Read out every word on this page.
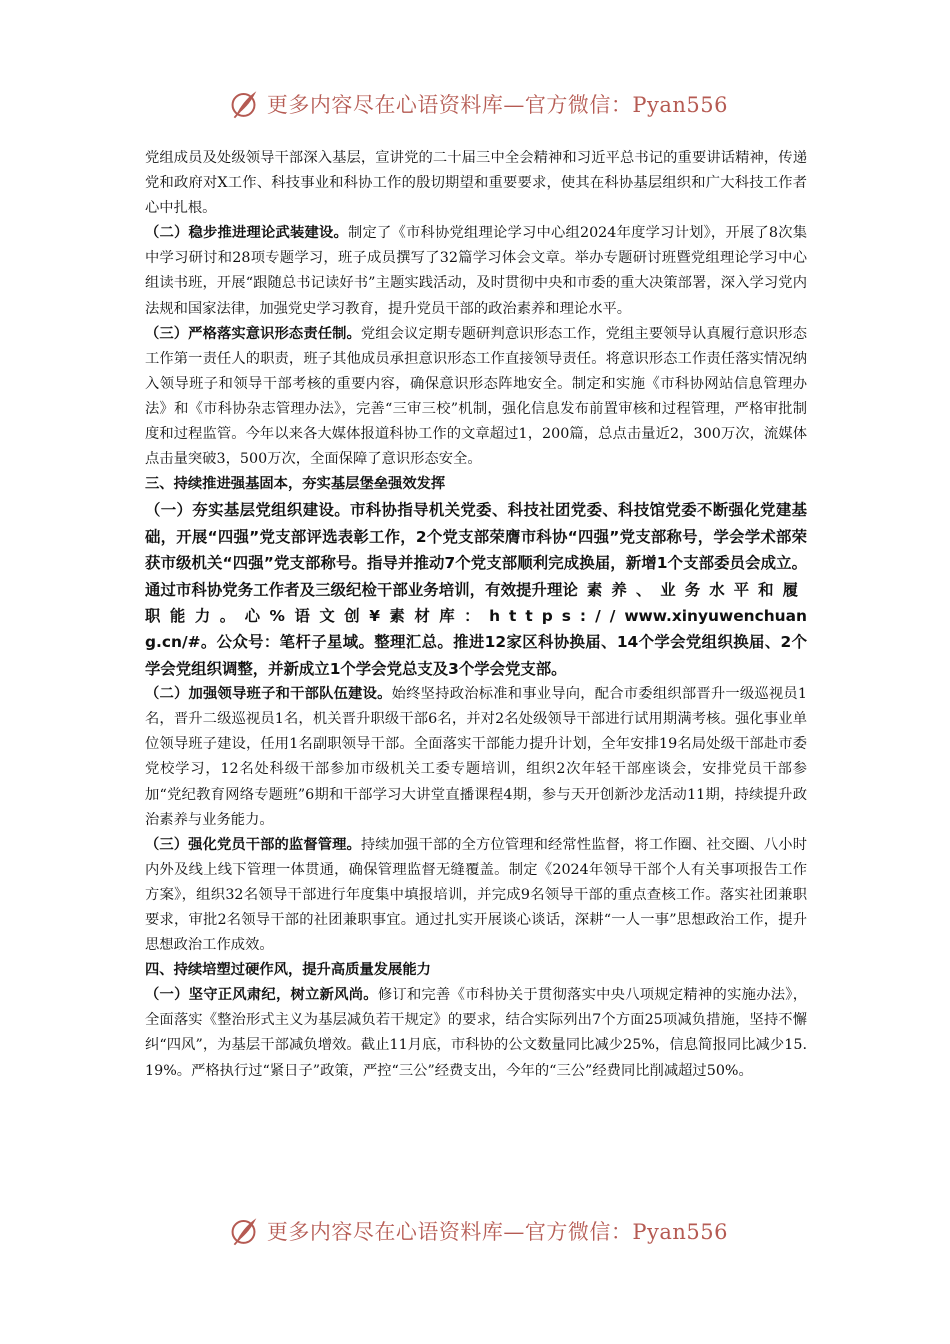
更多内容尽在心语资料库—官方微信：Pyan556

党组成员及处级领导干部深入基层，宣讲党的二十届三中全会精神和习近平总书记的重要讲话精神，传递党和政府对X工作、科技事业和科协工作的殷切期望和重要要求，使其在科协基层组织和广大科技工作者心中扎根。

（二）稳步推进理论武装建设。制定了《市科协党组理论学习中心组2024年度学习计划》，开展了8次集中学习研讨和28项专题学习，班子成员撰写了32篇学习体会文章。举办专题研讨班暨党组理论学习中心组读书班，开展“跟随总书记读好书”主题实践活动，及时贯彻中央和市委的重大决策部署，深入学习党内法规和国家法律，加强党史学习教育，提升党员干部的政治素养和理论水平。

（三）严格落实意识形态责任制。党组会议定期专题研判意识形态工作，党组主要领导认真履行意识形态工作第一责任人的职责，班子其他成员承担意识形态工作直接领导责任。将意识形态工作责任落实情况纳入领导班子和领导干部考核的重要内容，确保意识形态阵地安全。制定和实施《市科协网站信息管理办法》和《市科协杂志管理办法》，完善“三审三校”机制，强化信息发布前置审核和过程管理，严格审批制度和过程监管。今年以来各大媒体报道科协工作的文章超过1，200篇，总点击量近2，300万次，流媒体点击量突破3，500万次，全面保障了意识形态安全。

三、持续推进强基固本，夯实基层堡垒强效发挥

（一）夯实基层党组织建设。市科协指导机关党委、科技社团党委、科技馆党委不断强化党建基础，开展“四强”党支部评选表彰工作，2个党支部荣膺市科协“四强”党支部称号，学会学术部荣获市级机关“四强”党支部称号。指导并推动7个党支部顺利完成换届，新增1个支部委员会成立。通过市科协党务工作者及三级纪检干部业务培训，有效提升理论素养、业务水平和履职能力。心%语文创¥素材库：https://www.xinyuwenchuang.cn/#。公众号：笔杆子星域。整理汇总。推进12家区科协换届、14个学会党组织换届、2个学会党组织调整，并新成立1个学会党总支及3个学会党支部。

（二）加强领导班子和干部队伍建设。始终坚持政治标准和事业导向，配合市委组织部晋升一级巡视员1名，晋升二级巡视员1名，机关晋升职级干部6名，并对2名处级领导干部进行试用期满考核。强化事业单位领导班子建设，任用1名副职领导干部。全面落实干部能力提升计划，全年安排19名局处级干部赴市委党校学习，12名处科级干部参加市级机关工委专题培训，组织2次年轻干部座谈会，安排党员干部参加“党纪教育网络专题班”6期和干部学习大讲堂直播课程4期，参与天开创新沙龙活动11期，持续提升政治素养与业务能力。

（三）强化党员干部的监督管理。持续加强干部的全方位管理和经常性监督，将工作圈、社交圈、八小时内外及线上线下管理一体贯通，确保管理监督无缝覆盖。制定《2024年领导干部个人有关事项报告工作方案》，组织32名领导干部进行年度集中填报培训，并完成9名领导干部的重点查核工作。落实社团兼职要求，审批2名领导干部的社团兼职事宜。通过扎实开展谈心谈话，深耕“一人一事”思想政治工作，提升思想政治工作成效。

四、持续培塑过硬作风，提升高质量发展能力

（一）坚守正风肃纪，树立新风尚。修订和完善《市科协关于贯彻落实中央八项规定精神的实施办法》，全面落实《整治形式主义为基层减负若干规定》的要求，结合实际列出7个方面25项减负措施，坚持不懈纠“四风”，为基层干部减负增效。截止11月底，市科协的公文数量同比减少25%，信息简报同比减少15.19%。严格执行过“紧日子”政策，严控“三公”经费支出，今年的“三公”经费同比削减超过50%。

更多内容尽在心语资料库—官方微信：Pyan556
